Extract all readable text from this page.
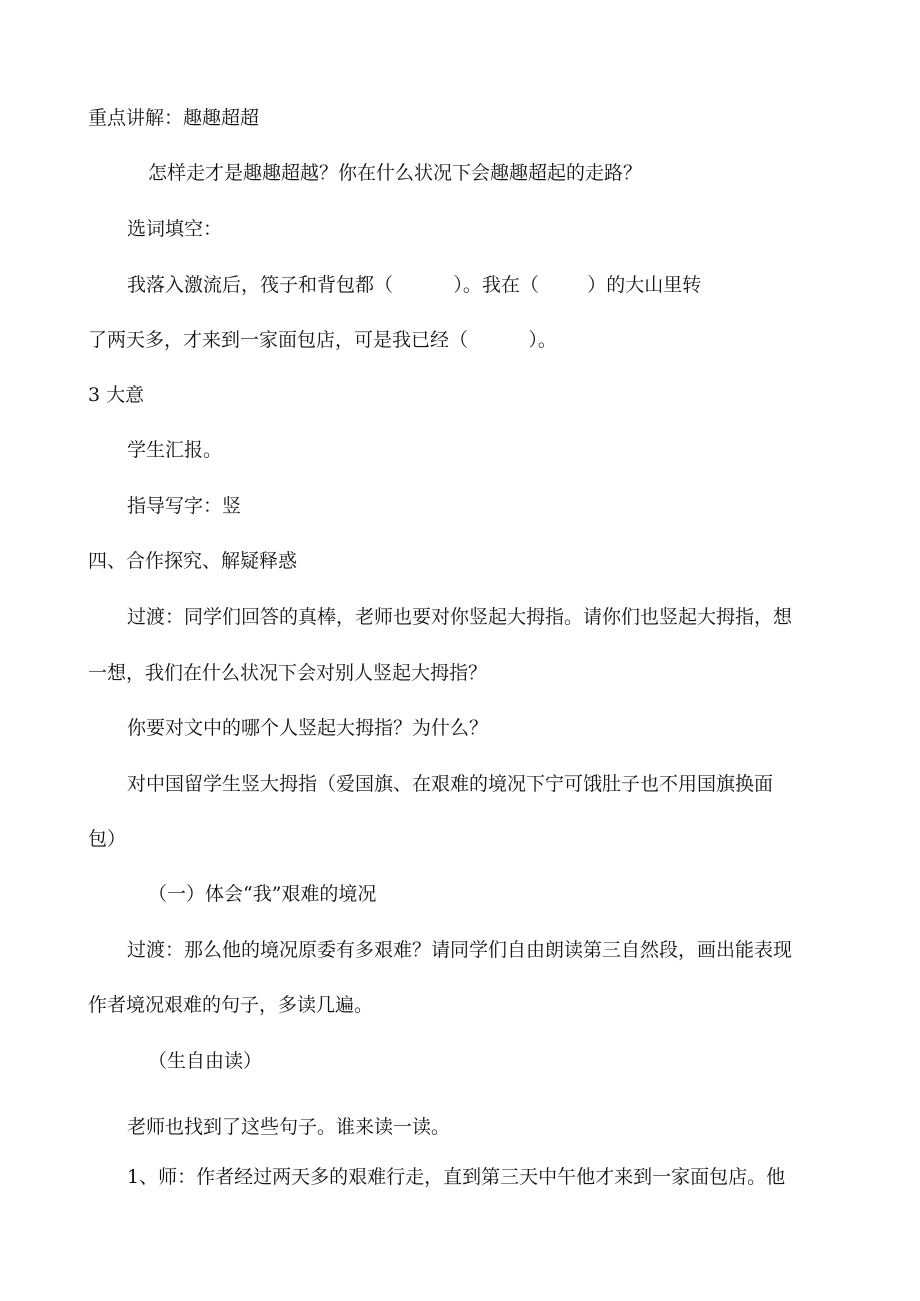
重点讲解：趣趣超超

怎样走才是趣趣超越？你在什么状况下会趣趣超起的走路？

选词填空：

我落入激流后，筏子和背包都（          ）。我在（        ）的大山里转

了两天多，才来到一家面包店，可是我已经（          ）。

3 大意

学生汇报。

指导写字：竖

四、合作探究、解疑释惑

过渡：同学们回答的真棒，老师也要对你竖起大拇指。请你们也竖起大拇指，想

一想，我们在什么状况下会对别人竖起大拇指？

你要对文中的哪个人竖起大拇指？为什么？

对中国留学生竖大拇指（爱国旗、在艰难的境况下宁可饿肚子也不用国旗换面

包）

（一）体会“我”艰难的境况

过渡：那么他的境况原委有多艰难？请同学们自由朗读第三自然段，画出能表现

作者境况艰难的句子，多读几遍。

（生自由读）

老师也找到了这些句子。谁来读一读。

1、师：作者经过两天多的艰难行走，直到第三天中午他才来到一家面包店。他
